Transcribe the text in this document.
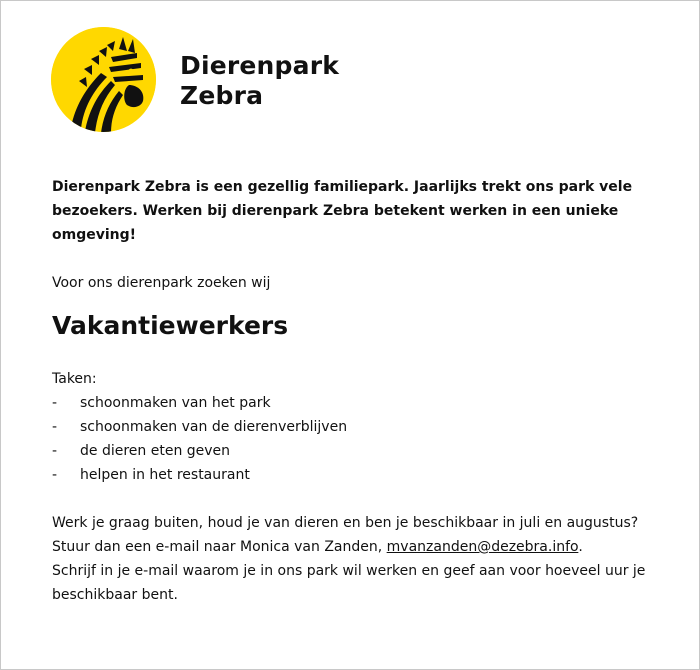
Dierenpark
Zebra

Dierenpark Zebra is een gezellig familiepark. Jaarlijks trekt ons park vele bezoekers. Werken bij dierenpark Zebra betekent werken in een unieke omgeving!

Voor ons dierenpark zoeken wij

Vakantiewerkers
Taken:
-	schoonmaken van het park
-	schoonmaken van de dierenverblijven
-	de dieren eten geven
-	helpen in het restaurant
Werk je graag buiten, houd je van dieren en ben je beschikbaar in juli en augustus?
Stuur dan een e-mail naar Monica van Zanden, mvanzanden@dezebra.info.
Schrijf in je e-mail waarom je in ons park wil werken en geef aan voor hoeveel uur je beschikbaar bent.
